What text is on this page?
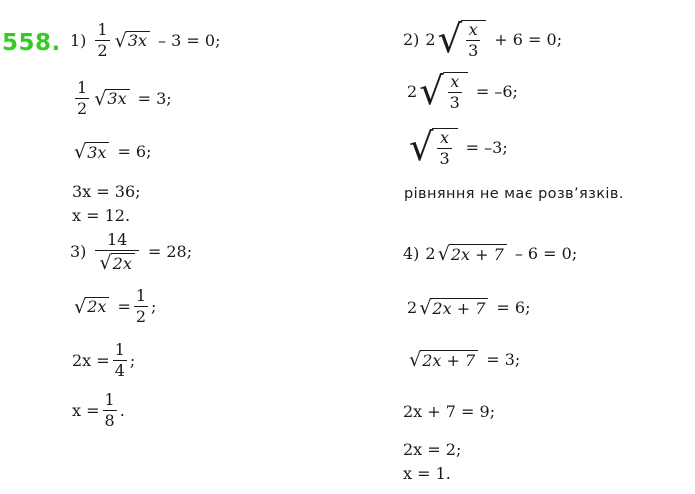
558. $1) \frac{1}{2}$ √ 3x – 3 = 0;
$\frac{1}{2}$ √ 3x = 3;
√ 3x = 6;
3x = 36;
x = 12.
$3) \frac{14}{√ 2x} = 28$;
√ $2x = \frac{1}{2}$ ;
$2x = \frac{1}{4}$ ;
$x = \frac{1}{8}$ .
2) 2 √ $\frac{x}{3} + 6 = 0$;
2 √ $\frac{x}{3} = -6$;
√ $\frac{x}{3} = -3$;
рівняння не має розв’язків.
4) 2 √ 2x + 7 – 6 = 0;
2 √ 2x + 7 = 6;
√ 2x + 7 = 3;
2x + 7 = 9;
2x = 2;
x = 1.
